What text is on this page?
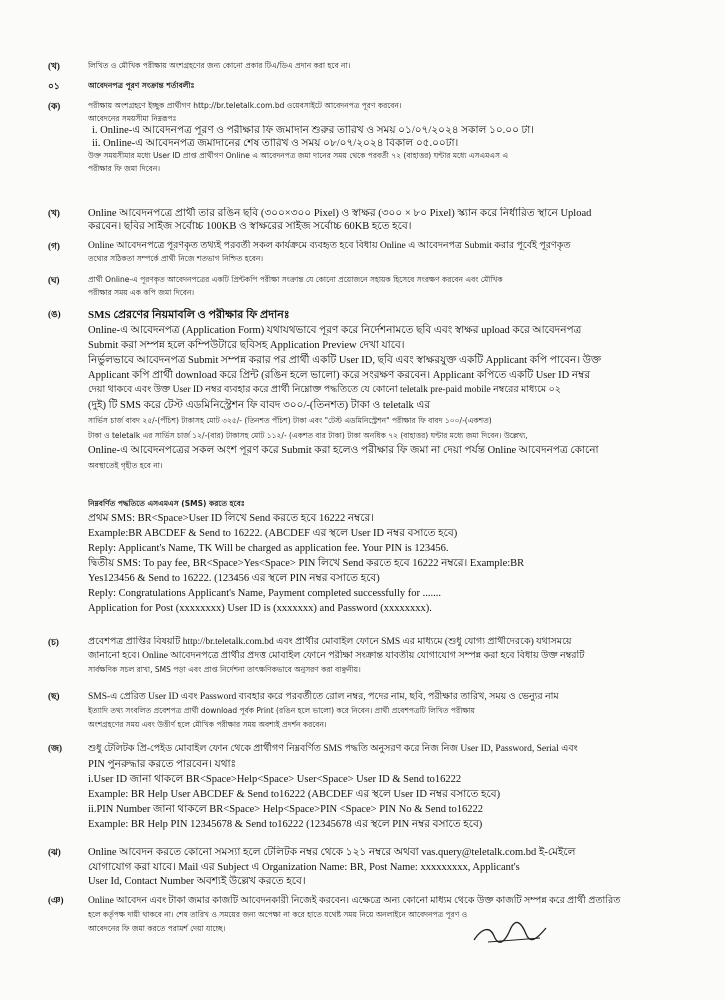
(খ)	লিখিত ও মৌখিক পরীক্ষায় অংশগ্রহণের জন্য কোনো প্রকার টিএ/ডিএ প্রদান করা হবে না।
০১	আবেদনপত্র পূরণ সংক্রান্ত শর্তাবলীঃ
(ক)	পরীক্ষায় অংশগ্রহণে ইচ্ছুক প্রার্থীগণ http://br.teletalk.com.bd ওয়েবসাইটে আবেদনপত্র পূরণ করবেন।
আবেদনের সময়সীমা নিম্নরূপঃ
i. Online-এ আবেদনপত্র পূরণ ও পরীক্ষার ফি জমাদান শুরুর তারিখ ও সময় ০১/০৭/২০২৪ সকাল ১০.০০ টা।
ii. Online-এ আবেদনপত্র জমাদানের শেষ তারিখ ও সময় ০৮/০৭/২০২৪ বিকাল ০৫.০০টা।
উক্ত সময়সীমার মধ্যে User ID প্রাপ্ত প্রার্থীগণ Online এ আবেদনপত্র জমা দানের সময় থেকে পরবর্তী ৭২ (বাহাত্তর) ঘন্টার মধ্যে এসএমএস এ
পরীক্ষার ফি জমা দিবেন।
(খ)	Online আবেদনপত্রে প্রার্থী তার রঙিন ছবি (৩০০×৩০০ Pixel) ও স্বাক্ষর (৩০০ × ৮০ Pixel) স্ক্যান করে নির্ধারিত স্থানে Upload
করবেন। ছবির সাইজ সর্বোচ্চ 100KB ও স্বাক্ষরের সাইজ সর্বোচ্চ 60KB হতে হবে।
(গ)	Online আবেদনপত্রে পূরণকৃত তথ্যই পরবর্তী সকল কার্যক্রমে ব্যবহৃত হবে বিধায় Online এ আবেদনপত্র Submit করার পূর্বেই পূরণকৃত
তথ্যের সঠিকতা সম্পর্কে প্রার্থী নিজে শতভাগ নিশ্চিত হবেন।
(ঘ)	প্রার্থী Online-এ পূরণকৃত আবেদনপত্রের একটি প্রিন্টকপি পরীক্ষা সংক্রান্ত যে কোনো প্রয়োজনে সহায়ক হিসেবে সংরক্ষণ করবেন এবং মৌখিক
পরীক্ষার সময় এক কপি জমা দিবেন।
(ঙ)	SMS প্রেরণের নিয়মাবলি ও পরীক্ষার ফি প্রদানঃ
Online-এ আবেদনপত্র (Application Form) যথাযথভাবে পূরণ করে নির্দেশনামতে ছবি এবং স্বাক্ষর upload করে আবেদনপত্র
Submit করা সম্পন্ন হলে কম্পিউটারে ছবিসহ Application Preview দেখা যাবে।
নির্ভুলভাবে আবেদনপত্র Submit সম্পন্ন করার পর প্রার্থী একটি User ID, ছবি এবং স্বাক্ষরযুক্ত একটি Applicant কপি পাবেন। উক্ত
Applicant কপি প্রার্থী download করে প্রিন্ট (রঙিন হলে ভালো) করে সংরক্ষণ করবেন। Applicant কপিতে একটি User ID নম্বর
দেয়া থাকবে এবং উক্ত User ID নম্বর ব্যবহার করে প্রার্থী নিম্নোক্ত পদ্ধতিতে যে কোনো teletalk pre-paid mobile নম্বরের মাধ্যমে ০২
(দুই) টি SMS করে টেস্ট এডমিনিস্ট্রেশন ফি বাবদ ৩০০/-(তিনশত) টাকা ও teletalk এর
সার্ভিস চার্জ বাবদ ২৫/-(পঁচিশ) টাকাসহ মোট ৩২৫/- (তিনশত পঁচিশ) টাকা এবং "টেস্ট এডমিনিস্ট্রেশন" পরীক্ষার ফি বাবদ ১০০/-(একশত)
টাকা ও teletalk এর সার্ভিস চার্জ ১২/-(বার) টাকাসহ মোট ১১২/- (একশত বার টাকা) টাকা অনধিক ৭২ (বাহাত্তর) ঘন্টার মধ্যে জমা দিবেন। উল্লেখ্য,
Online-এ আবেদনপত্রের সকল অংশ পূরণ করে Submit করা হলেও পরীক্ষার ফি জমা না দেয়া পর্যন্ত Online আবেদনপত্র কোনো
অবস্থাতেই গৃহীত হবে না।
নিম্নবর্ণিত পদ্ধতিতে এসএমএস (SMS) করতে হবেঃ
প্রথম SMS: BR<Space>User ID লিখে Send করতে হবে 16222 নম্বরে।
Example:BR ABCDEF & Send to 16222. (ABCDEF এর স্থলে User ID নম্বর বসাতে হবে)
Reply: Applicant's Name, TK Will be charged as application fee. Your PIN is 123456.
দ্বিতীয় SMS: To pay fee, BR<Space>Yes<Space> PIN লিখে Send করতে হবে 16222 নম্বরে। Example:BR
Yes123456 & Send to 16222. (123456 এর স্থলে PIN নম্বর বসাতে হবে)
Reply: Congratulations Applicant's Name, Payment completed successfully for .......
Application for Post (xxxxxxxx) User ID is (xxxxxxx) and Password (xxxxxxxx).
(চ)	প্রবেশপত্র প্রাপ্তির বিষয়টি http://br.teletalk.com.bd এবং প্রার্থীর মোবাইল ফোনে SMS এর মাধ্যমে (শুধু যোগ্য প্রার্থীদেরকে) যথাসময়ে
জানানো হবে। Online আবেদনপত্রে প্রার্থীর প্রদত্ত মোবাইল ফোনে পরীক্ষা সংক্রান্ত যাবতীয় যোগাযোগ সম্পন্ন করা হবে বিধায় উক্ত নম্বরটি
সার্বক্ষণিক সচল রাখা, SMS পড়া এবং প্রাপ্ত নির্দেশনা তাৎক্ষণিকভাবে অনুসরণ করা বাঞ্ছনীয়।
(ছ)	SMS-এ প্রেরিত User ID এবং Password ব্যবহার করে পরবর্তীতে রোল নম্বর, পদের নাম, ছবি, পরীক্ষার তারিখ, সময় ও ভেন্যুর নাম
ইত্যাদি তথ্য সংবলিত প্রবেশপত্র প্রার্থী download পূর্বক Print (রঙিন হলে ভালো) করে নিবেন। প্রার্থী প্রবেশপত্রটি লিখিত পরীক্ষায়
অংশগ্রহণের সময় এবং উত্তীর্ণ হলে মৌখিক পরীক্ষার সময় অবশ্যই প্রদর্শন করবেন।
(জ)	শুধু টেলিটক প্রি-পেইড মোবাইল ফোন থেকে প্রার্থীগণ নিম্নবর্ণিত SMS পদ্ধতি অনুসরণ করে নিজ নিজ User ID, Password, Serial এবং
PIN পুনরুদ্ধার করতে পারবেন। যথাঃ
i.User ID জানা থাকলে BR<Space>Help<Space> User<Space> User ID & Send to16222
Example: BR Help User ABCDEF & Send to16222 (ABCDEF এর স্থলে User ID নম্বর বসাতে হবে)
ii.PIN Number জানা থাকলে BR<Space> Help<Space>PIN <Space> PIN No & Send to16222
Example: BR Help PIN 12345678 & Send to16222 (12345678 এর স্থলে PIN নম্বর বসাতে হবে)
(ঝ)	Online আবেদন করতে কোনো সমস্যা হলে টেলিটক নম্বর থেকে ১২১ নম্বরে অথবা vas.query@teletalk.com.bd ই-মেইলে
যোগাযোগ করা যাবে। Mail এর Subject এ Organization Name: BR, Post Name: xxxxxxxxx, Applicant's
User Id, Contact Number অবশ্যই উল্লেখ করতে হবে।
(ঞ)	Online আবেদন এবং টাকা জমার কাজটি আবেদনকারী নিজেই করবেন। এক্ষেত্রে অন্য কোনো মাধ্যম থেকে উক্ত কাজটি সম্পন্ন করে প্রার্থী প্রতারিত
হলে কর্তৃপক্ষ দায়ী থাকবে না। শেষ তারিখ ও সময়ের জন্য অপেক্ষা না করে হাতে যথেষ্ট সময় নিয়ে অনলাইনে আবেদনপত্র পূরণ ও
আবেদনের ফি জমা করতে পরামর্শ দেয়া যাচ্ছে।
